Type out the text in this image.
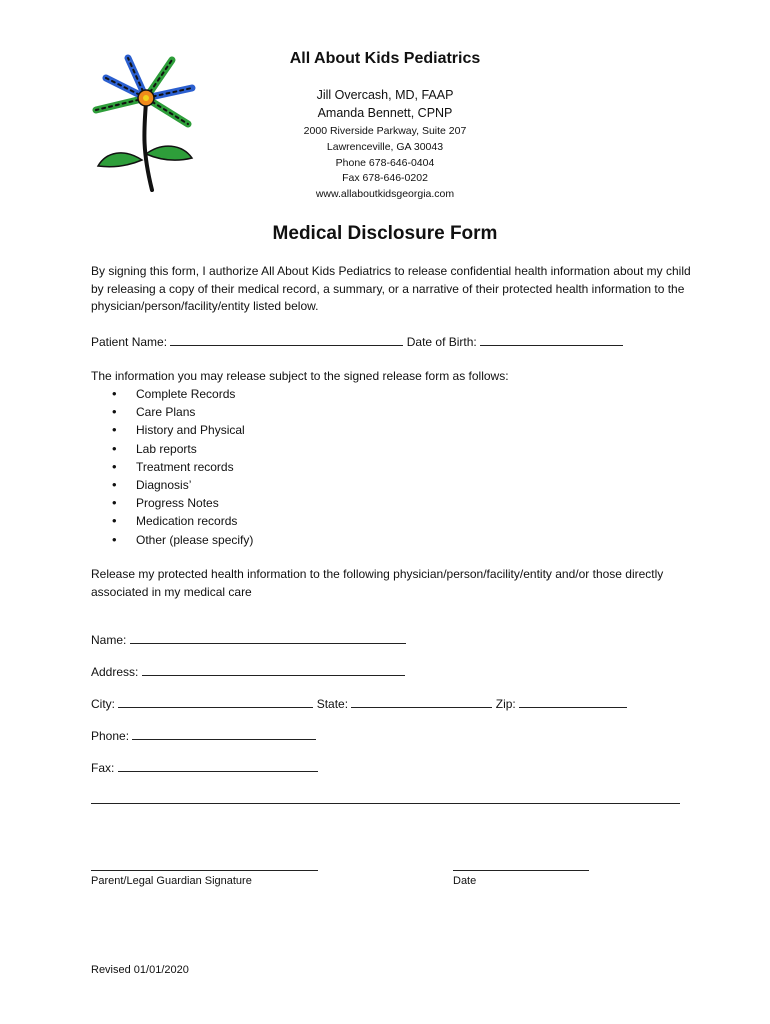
All About Kids Pediatrics
Jill Overcash, MD, FAAP
Amanda Bennett, CPNP
2000 Riverside Parkway, Suite 207
Lawrenceville, GA 30043
Phone 678-646-0404
Fax 678-646-0202
www.allaboutkidsgeorgia.com
Medical Disclosure Form

By signing this form, I authorize All About Kids Pediatrics to release confidential health information about my child by releasing a copy of their medical record, a summary, or a narrative of their protected health information to the physician/person/facility/entity listed below.

Patient Name:	Date of Birth:
The information you may release subject to the signed release form as follows:
• Complete Records
• Care Plans
• History and Physical
• Lab reports
• Treatment records
• Diagnosis’
• Progress Notes
• Medication records
• Other (please specify)

Release my protected health information to the following physician/person/facility/entity and/or those directly associated in my medical care

Name:
Address:
City:	State:	Zip:
Phone:
Fax:
Parent/Legal Guardian Signature	Date
Revised 01/01/2020
